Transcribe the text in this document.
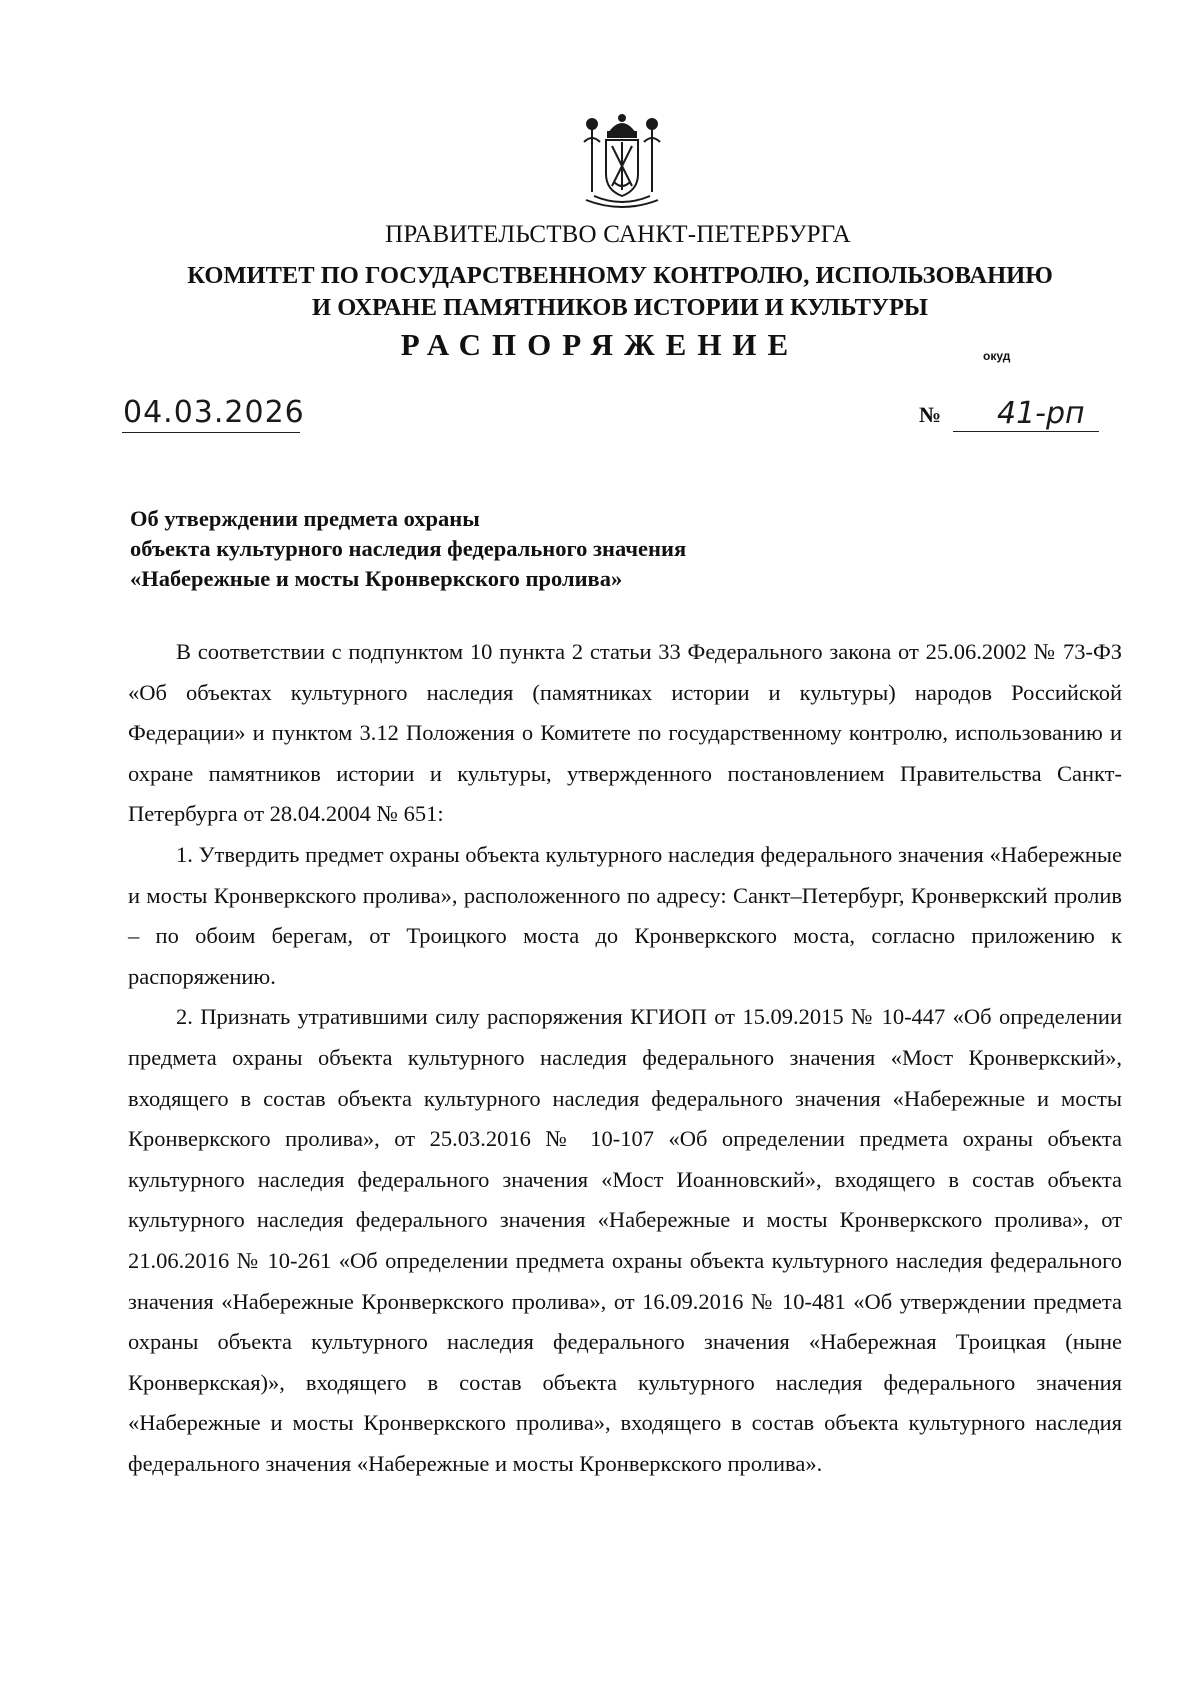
ПРАВИТЕЛЬСТВО САНКТ-ПЕТЕРБУРГА
КОМИТЕТ ПО ГОСУДАРСТВЕННОМУ КОНТРОЛЮ, ИСПОЛЬЗОВАНИЮ
И ОХРАНЕ ПАМЯТНИКОВ ИСТОРИИ И КУЛЬТУРЫ
РАСПОРЯЖЕНИЕ	окуд
04.03.2026	№ 41-рп
Об утверждении предмета охраны
объекта культурного наследия федерального значения
«Набережные и мосты Кронверкского пролива»

В соответствии с подпунктом 10 пункта 2 статьи 33 Федерального закона от 25.06.2002 № 73-ФЗ «Об объектах культурного наследия (памятниках истории и культуры) народов Российской Федерации» и пунктом 3.12 Положения о Комитете по государственному контролю, использованию и охране памятников истории и культуры, утвержденного постановлением Правительства Санкт-Петербурга от 28.04.2004 № 651:

1. Утвердить предмет охраны объекта культурного наследия федерального значения «Набережные и мосты Кронверкского пролива», расположенного по адресу: Санкт–Петербург, Кронверкский пролив – по обоим берегам, от Троицкого моста до Кронверкского моста, согласно приложению к распоряжению.

2. Признать утратившими силу распоряжения КГИОП от 15.09.2015 № 10-447 «Об определении предмета охраны объекта культурного наследия федерального значения «Мост Кронверкский», входящего в состав объекта культурного наследия федерального значения «Набережные и мосты Кронверкского пролива», от 25.03.2016 № 10-107 «Об определении предмета охраны объекта культурного наследия федерального значения «Мост Иоанновский», входящего в состав объекта культурного наследия федерального значения «Набережные и мосты Кронверкского пролива», от 21.06.2016 № 10-261 «Об определении предмета охраны объекта культурного наследия федерального значения «Набережные Кронверкского пролива», от 16.09.2016 № 10-481 «Об утверждении предмета охраны объекта культурного наследия федерального значения «Набережная Троицкая (ныне Кронверкская)», входящего в состав объекта культурного наследия федерального значения «Набережные и мосты Кронверкского пролива», входящего в состав объекта культурного наследия федерального значения «Набережные и мосты Кронверкского пролива».
